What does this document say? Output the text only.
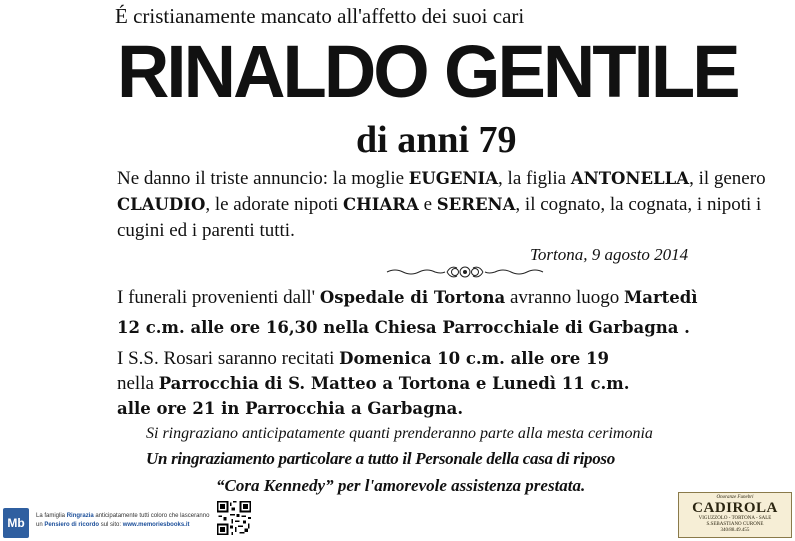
É cristianamente mancato all'affetto dei suoi cari
RINALDO GENTILE
di anni 79
Ne danno il triste annuncio: la moglie EUGENIA, la figlia ANTONELLA, il genero CLAUDIO, le adorate nipoti CHIARA e SERENA, il cognato, la cognata, i nipoti i cugini ed i parenti tutti.
Tortona, 9 agosto 2014
I funerali provenienti dall' Ospedale di Tortona avranno luogo Martedì
12 c.m. alle ore 16,30 nella Chiesa Parrocchiale di Garbagna .
I S.S. Rosari saranno recitati Domenica 10 c.m. alle ore 19
nella Parrocchia di S. Matteo a Tortona e Lunedì 11 c.m.
alle ore 21 in Parrocchia a Garbagna.
Si ringraziano anticipatamente quanti prenderanno parte alla mesta cerimonia
Un ringraziamento particolare a tutto il Personale della casa di riposo
“Cora Kennedy” per l'amorevole assistenza prestata.
Mb	La famiglia Ringrazia anticipatamente tutti coloro che lasceranno un Pensiero di ricordo sul sito: www.memoriesbooks.it
Onoranze Funebri
CADIROLA
VIGUZZOLO - TORTONA - SALE
S.SEBASTIANO CURONE
340/88.49.455
